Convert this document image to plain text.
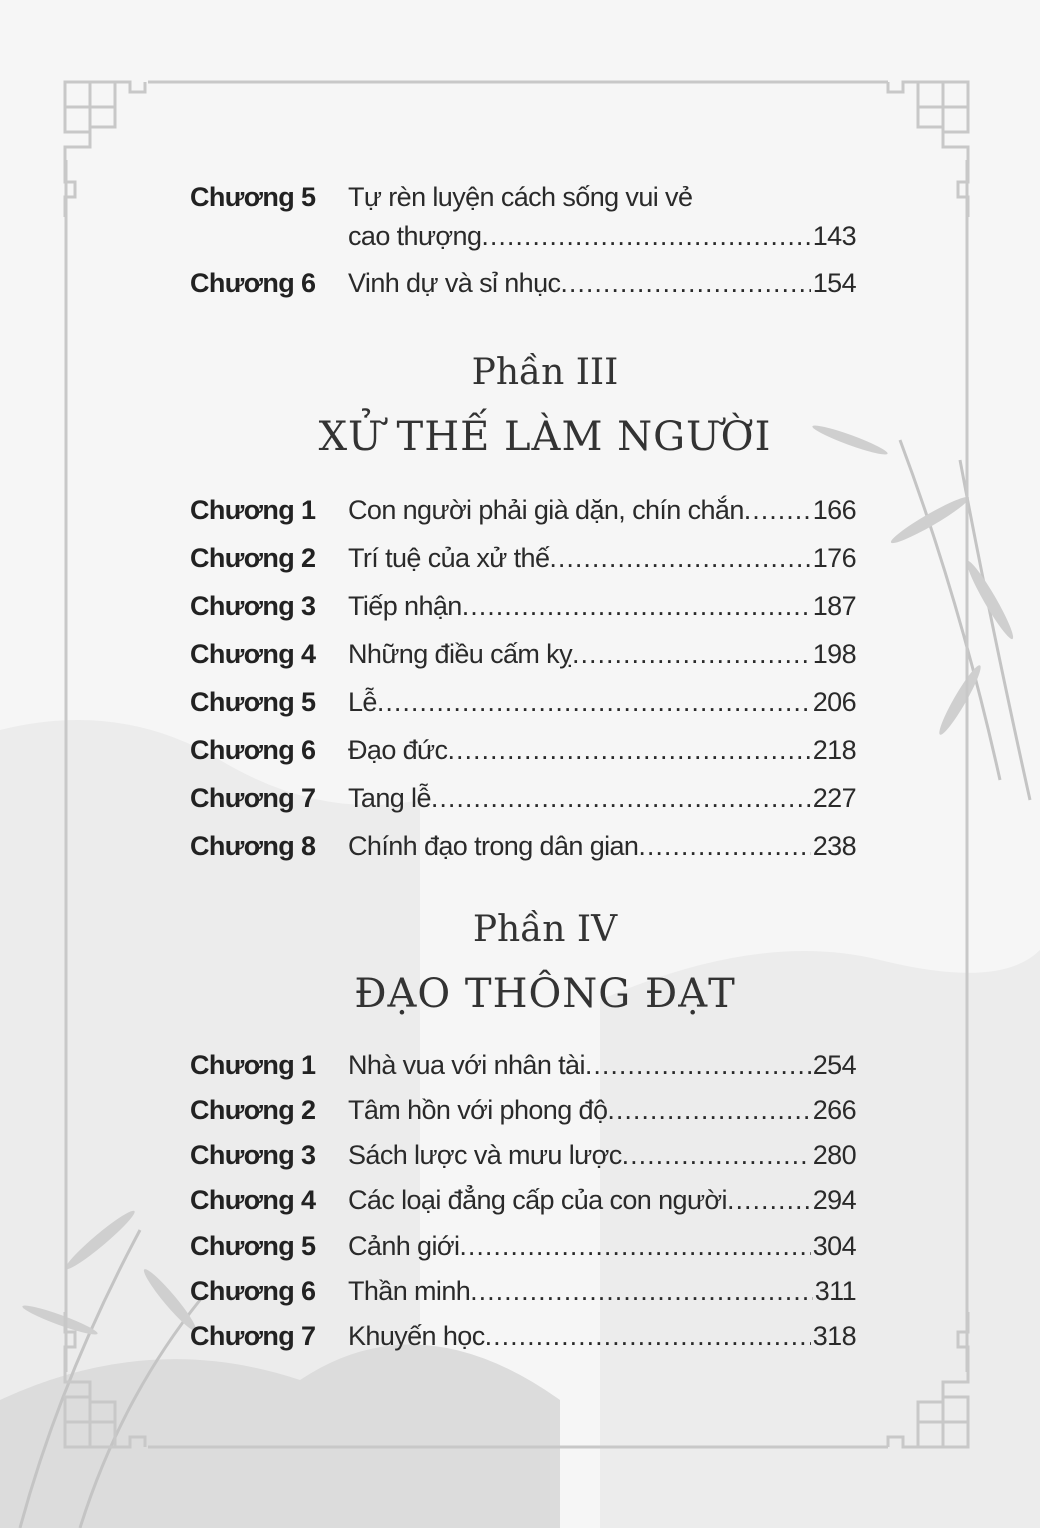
Chương 5	Tự rèn luyện cách sống vui vẻ
cao thượng .....	143
Phần III
XỬ THẾ LÀM NGƯỜI
Phần IV
ĐẠO THÔNG ĐẠT
Chương 6	Vinh dự và sỉ nhục .....	154
Chương 1	Con người phải già dặn, chín chắn .....	166
Chương 2	Trí tuệ của xử thế .....	176
Chương 3	Tiếp nhận .....	187
Chương 4	Những điều cấm kỵ .....	198
Chương 5	Lễ .....	206
Chương 6	Đạo đức .....	218
Chương 7	Tang lễ .....	227
Chương 8	Chính đạo trong dân gian .....	238
Chương 1	Nhà vua với nhân tài .....	254
Chương 2	Tâm hồn với phong độ .....	266
Chương 3	Sách lược và mưu lược .....	280
Chương 4	Các loại đẳng cấp của con người .....	294
Chương 5	Cảnh giới .....	304
Chương 6	Thần minh .....	311
Chương 7	Khuyến học .....	318
